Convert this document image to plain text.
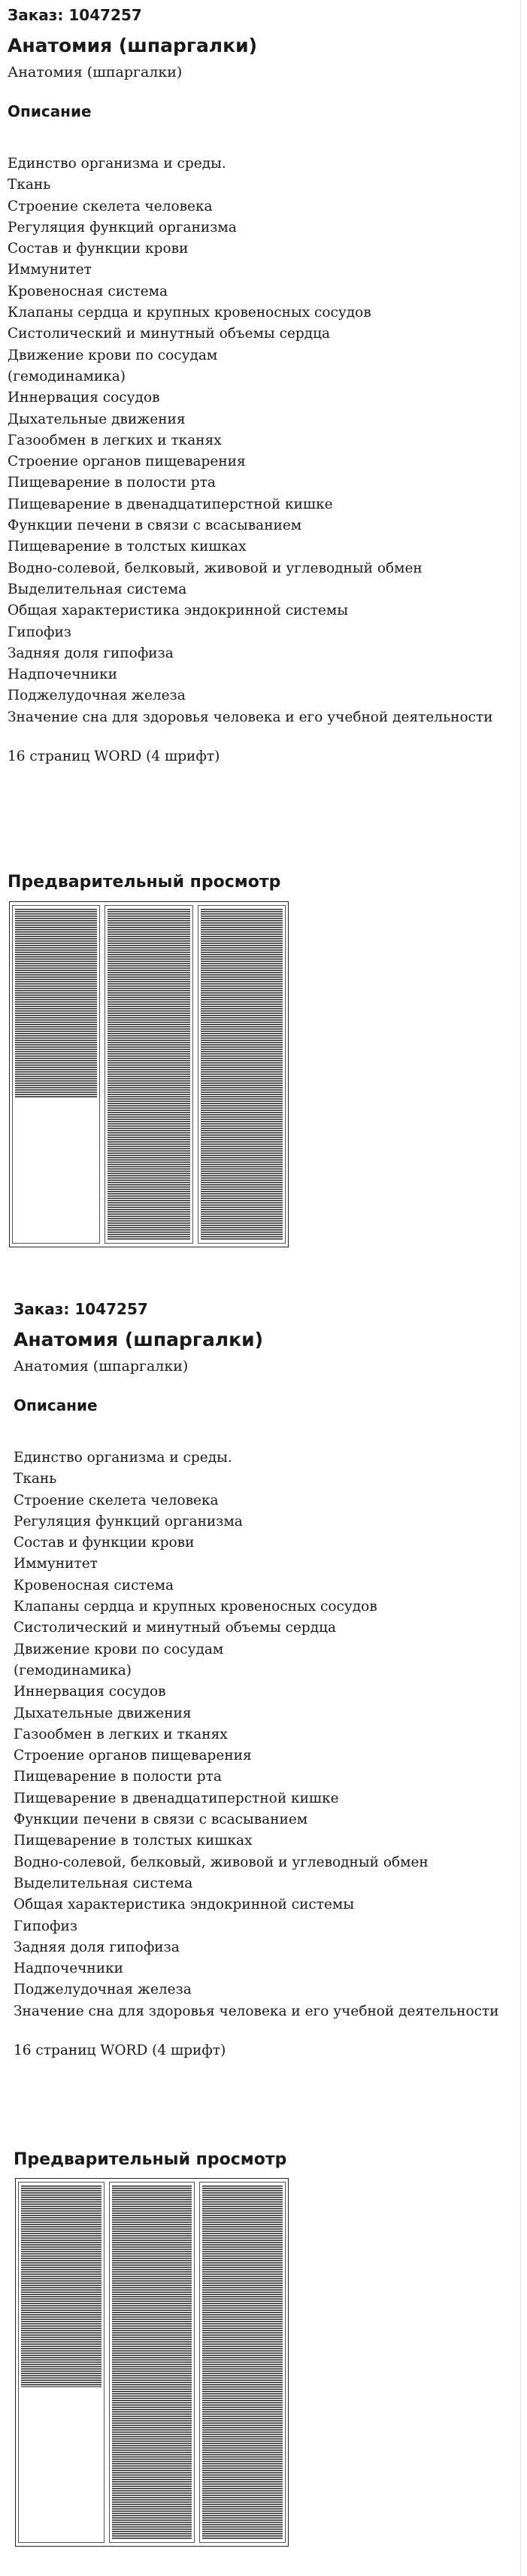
Заказ: 1047257
Анатомия (шпаргалки)
Анатомия (шпаргалки)
Описание
Единство организма и среды.
Ткань
Строение скелета человека
Регуляция функций организма
Состав и функции крови
Иммунитет
Кровеносная система
Клапаны сердца и крупных кровеносных сосудов
Систолический и минутный объемы сердца
Движение крови по сосудам
(гемодинамика)
Иннервация сосудов
Дыхательные движения
Газообмен в легких и тканях
Строение органов пищеварения
Пищеварение в полости рта
Пищеварение в двенадцатиперстной кишке
Функции печени в связи с всасыванием
Пищеварение в толстых кишках
Водно-солевой, белковый, живовой и углеводный обмен
Выделительная система
Общая характеристика эндокринной системы
Гипофиз
Задняя доля гипофиза
Надпочечники
Поджелудочная железа
Значение сна для здоровья человека и его учебной деятельности
16 страниц WORD (4 шрифт)
Предварительный просмотр
Заказ: 1047257
Анатомия (шпаргалки)
Анатомия (шпаргалки)
Описание
Единство организма и среды.
Ткань
Строение скелета человека
Регуляция функций организма
Состав и функции крови
Иммунитет
Кровеносная система
Клапаны сердца и крупных кровеносных сосудов
Систолический и минутный объемы сердца
Движение крови по сосудам
(гемодинамика)
Иннервация сосудов
Дыхательные движения
Газообмен в легких и тканях
Строение органов пищеварения
Пищеварение в полости рта
Пищеварение в двенадцатиперстной кишке
Функции печени в связи с всасыванием
Пищеварение в толстых кишках
Водно-солевой, белковый, живовой и углеводный обмен
Выделительная система
Общая характеристика эндокринной системы
Гипофиз
Задняя доля гипофиза
Надпочечники
Поджелудочная железа
Значение сна для здоровья человека и его учебной деятельности
16 страниц WORD (4 шрифт)
Предварительный просмотр
